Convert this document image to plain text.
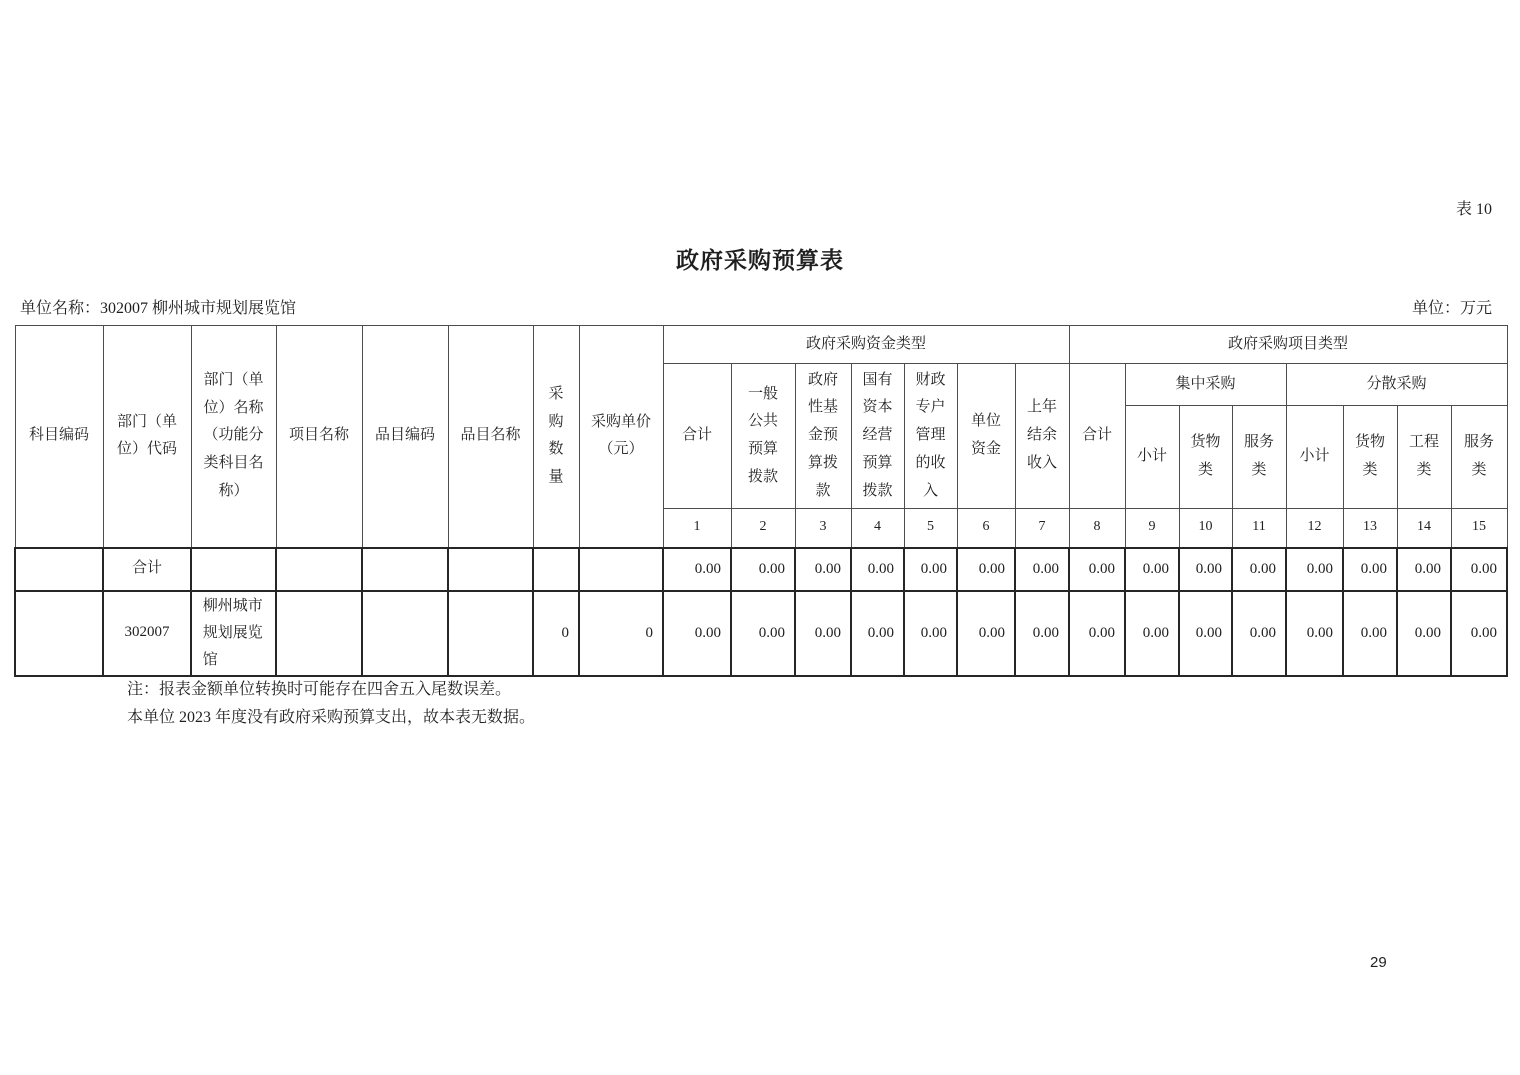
表 10
政府采购预算表
单位名称：302007 柳州城市规划展览馆	单位：万元
科目编码	部门（单位）代码	部门（单位）名称（功能分类科目名称）	项目名称	品目编码	品目名称	采购数量	采购单价（元）	政府采购资金类型							政府采购项目类型							
								合计	一般公共预算拨款	政府性基金预算拨款	国有资本经营预算拨款	财政专户管理的收入	单位资金	上年结余收入	合计	集中采购			分散采购			
																小计	货物类	服务类	小计	货物类	工程类	服务类
								1	2	3	4	5	6	7	8	9	10	11	12	13	14	15
	合计							0.00	0.00	0.00	0.00	0.00	0.00	0.00	0.00	0.00	0.00	0.00	0.00	0.00	0.00	0.00
	302007	柳州城市规划展览馆				0	0	0.00	0.00	0.00	0.00	0.00	0.00	0.00	0.00	0.00	0.00	0.00	0.00	0.00	0.00	0.00
注：报表金额单位转换时可能存在四舍五入尾数误差。
本单位 2023 年度没有政府采购预算支出，故本表无数据。
29
